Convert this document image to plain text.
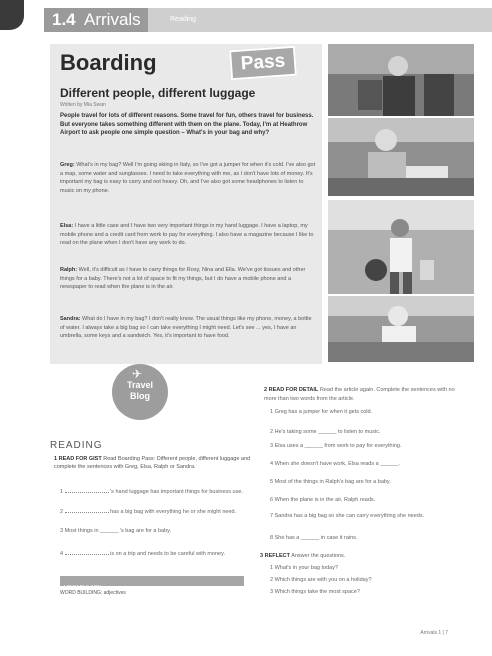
1.4 Arrivals	Reading
Boarding	Pass
Different people, different luggage
Written by Mia Swan
People travel for lots of different reasons. Some travel for fun, others travel for business. But everyone takes something different with them on the plane. Today, I'm at Heathrow Airport to ask people one simple question – What's in your bag and why?
Greg: What's in my bag? Well I'm going skiing in Italy, so I've got a jumper for when it's cold. I've also got a map, some water and sunglasses. I need to take everything with me, as I don't have lots of money. It's important my bag is easy to carry and not heavy. Oh, and I've also got some headphones to listen to music on my phone.
Elsa: I have a little case and I have two very important things in my hand luggage. I have a laptop, my mobile phone and a credit card from work to pay for everything. I also have a magazine because I like to read on the plane when I don't have any work to do.
Ralph: Well, it's difficult as I have to carry things for Rosy, Nina and Ella. We've got tissues and other things for a baby. There's not a lot of space to fit my things, but I do have a mobile phone and a newspaper to read when the plane is in the air.
Sandra: What do I have in my bag? I don't really know. The usual things like my phone, money, a bottle of water. I always take a big bag so I can take everything I might need. Let's see ... yes, I have an umbrella, some keys and a sandwich. Yes, it's important to have food.
✈
Travel
Blog
READING
1 READ FOR GIST Read Boarding Pass: Different people, different luggage and complete the sentences with Greg, Elsa, Ralph or Sandra.
1	's hand luggage has important things for business use.
2	has a big bag with everything he or she might need.
3 Most things in ______ 's bag are for a baby.
4	is on a trip and needs to be careful with money.
VOCABULARY
WORD BUILDING: adjectives
2 READ FOR DETAIL Read the article again. Complete the sentences with no more than two words from the article.
1 Greg has a jumper for when it gets cold.
2 He's taking some ______ to listen to music.
3 Elsa uses a ______ from work to pay for everything.
4 When she doesn't have work, Elsa reads a ______.
5 Most of the things in Ralph's bag are for a baby.
6 When the plane is in the air, Ralph reads.
7 Sandra has a big bag so she can carry everything she needs.
8 She has a ______ in case it rains.
3 REFLECT Answer the questions.
1 What's in your bag today?
2 Which things are with you on a holiday?
3 Which things take the most space?
Arrivals 1 | 7
